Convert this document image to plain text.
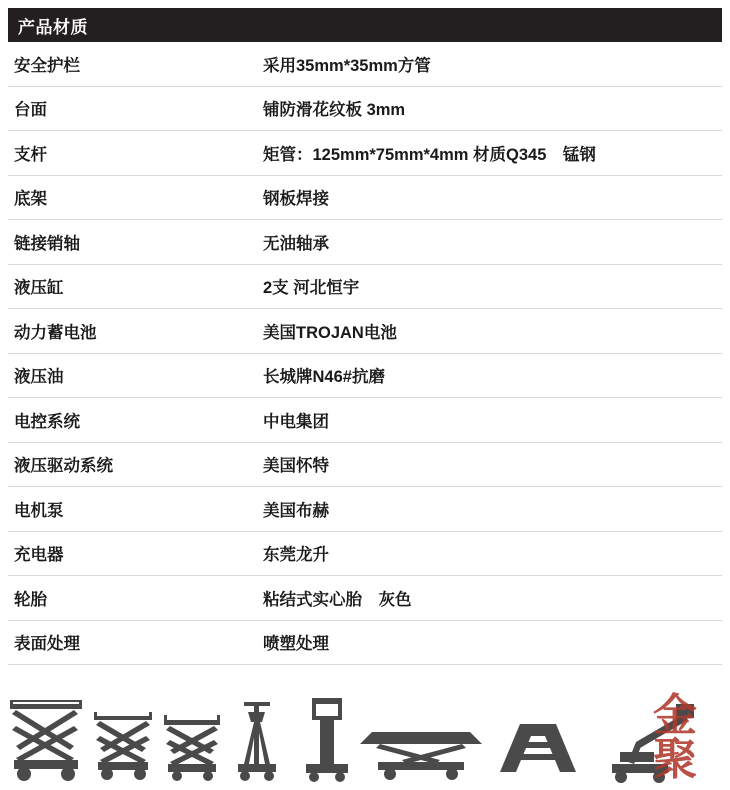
产品材质
安全护栏	采用35mm*35mm方管
台面	铺防滑花纹板 3mm
支杆	矩管：125mm*75mm*4mm 材质Q345　锰钢
底架	钢板焊接
链接销轴	无油轴承
液压缸	2支 河北恒宇
动力蓄电池	美国TROJAN电池
液压油	长城牌N46#抗磨
电控系统	中电集团
液压驱动系统	美国怀特
电机泵	美国布赫
充电器	东莞龙升
轮胎	粘结式实心胎　灰色
表面处理	喷塑处理
金
聚
